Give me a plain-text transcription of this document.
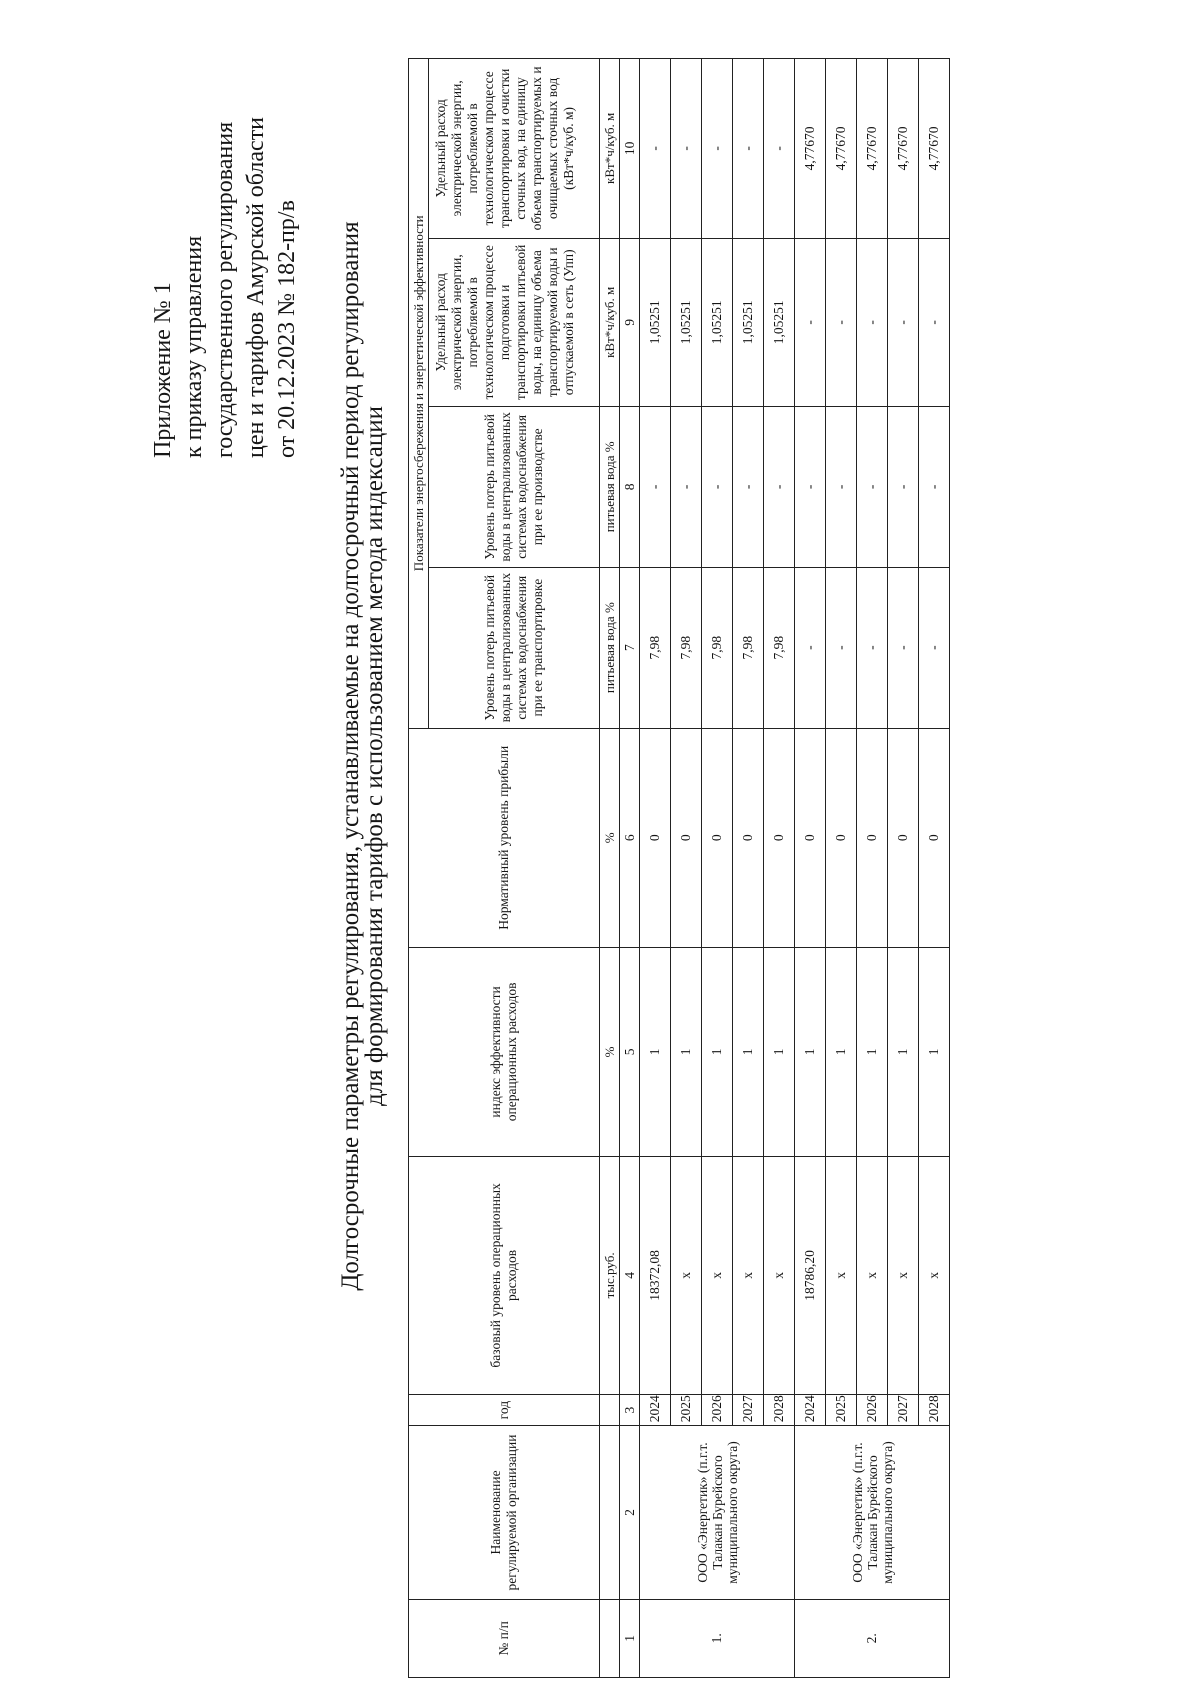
Приложение № 1 к приказу управления государственного регулирования цен и тарифов Амурской области от 20.12.2023 № 182-пр/в Долгосрочные параметры регулирования, устанавливаемые на долгосрочный период регулирования
для формирования тарифов с использованием метода индексации
№ п/п	Наименование регулируемой организации	год	базовый уровень операционных расходов	индекс эффективности операционных расходов	Нормативный уровень прибыли	Показатели энергосбережения и энергетической эффективности			
						Уровень потерь питьевой воды в централизованных системах водоснабжения при ее транспортировке	Уровень потерь питьевой воды в централизованных системах водоснабжения при ее производстве	Удельный расход электрической энергии, потребляемой в технологическом процессе подготовки и транспортировки питьевой воды, на единицу объема транспортируемой воды и отпускаемой в сеть (Упп)	Удельный расход электрической энергии, потребляемой в технологическом процессе транспортировки и очистки сточных вод, на единицу объема транспортируемых и очищаемых сточных вод (кВт*ч/куб. м)
			тыс.руб.	%	%	питьевая вода %	питьевая вода %	кВт*ч/куб. м	кВт*ч/куб. м
1	2	3	4	5	6	7	8	9	10
1.	ООО «Энергетик» (п.г.т. Талакан Бурейского муниципального округа)	2024	18372,08	1	0	7,98	-	1,05251	-
		2025	х	1	0	7,98	-	1,05251	-
		2026	х	1	0	7,98	-	1,05251	-
		2027	х	1	0	7,98	-	1,05251	-
		2028	х	1	0	7,98	-	1,05251	-
2.	ООО «Энергетик» (п.г.т. Талакан Бурейского муниципального округа)	2024	18786,20	1	0	-	-	-	4,77670
		2025	х	1	0	-	-	-	4,77670
		2026	х	1	0	-	-	-	4,77670
		2027	х	1	0	-	-	-	4,77670
		2028	х	1	0	-	-	-	4,77670
